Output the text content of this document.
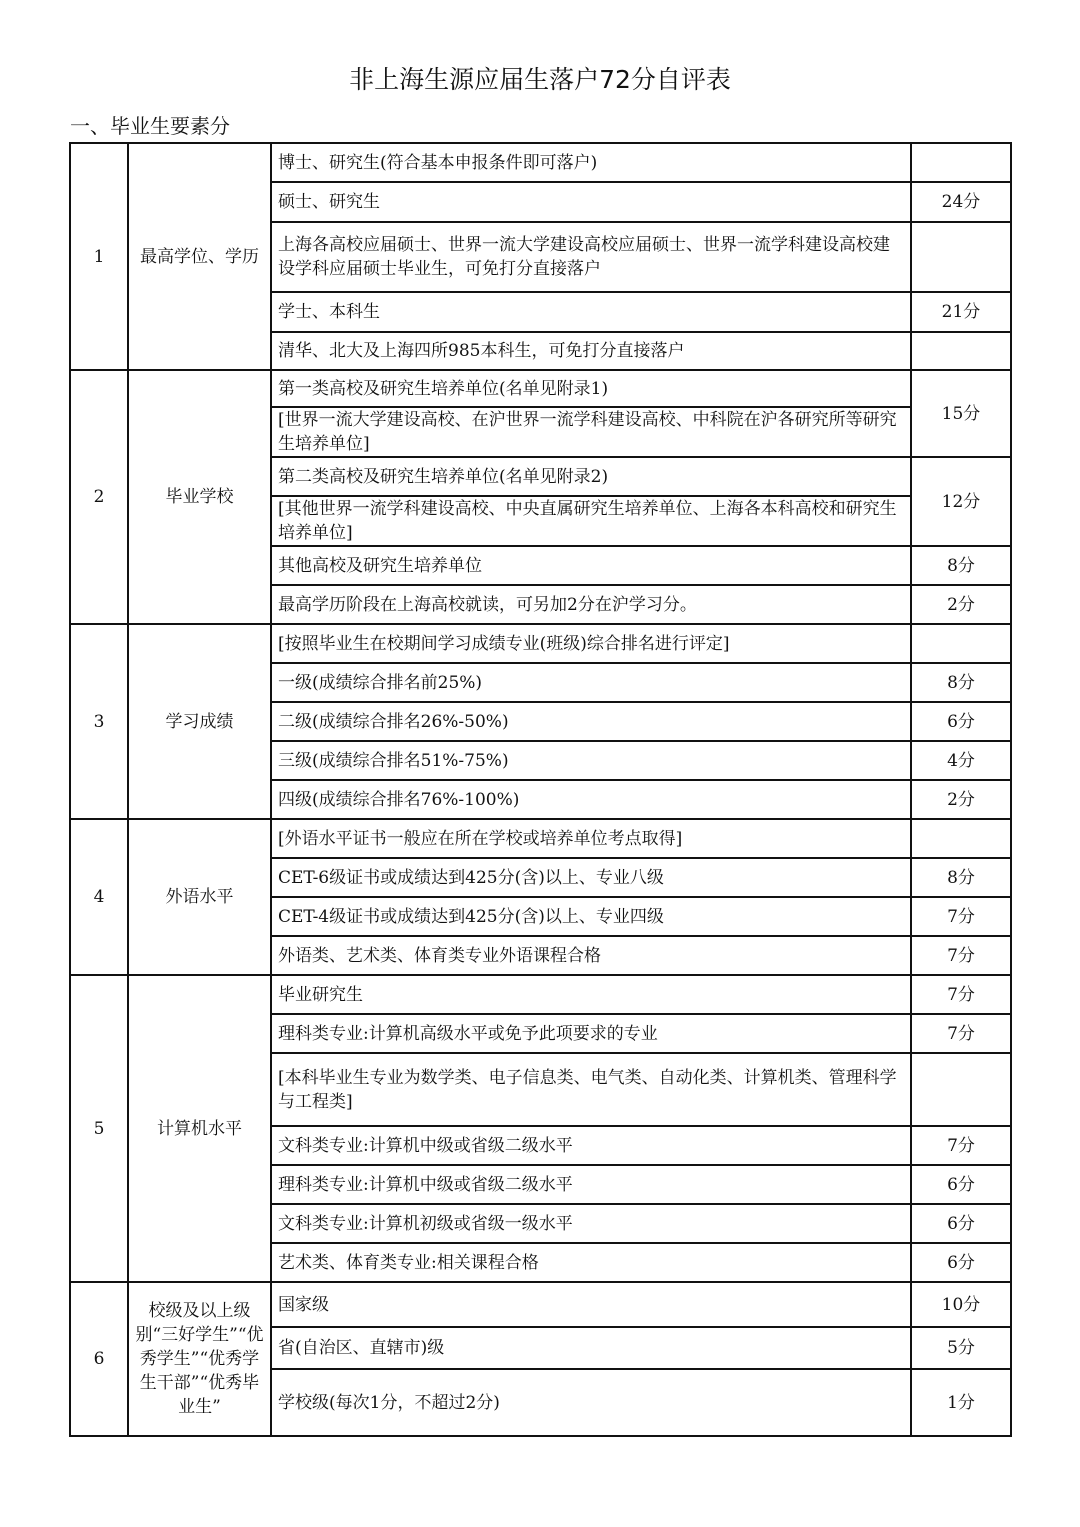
非上海生源应届生落户72分自评表
一、毕业生要素分
1	最高学位、学历	博士、研究生(符合基本申报条件即可落户)	
		硕士、研究生	24分
		上海各高校应届硕士、世界一流大学建设高校应届硕士、世界一流学科建设高校建设学科应届硕士毕业生，可免打分直接落户	
		学士、本科生	21分
		清华、北大及上海四所985本科生，可免打分直接落户	
2	毕业学校	第一类高校及研究生培养单位(名单见附录1)	15分
		[世界一流大学建设高校、在沪世界一流学科建设高校、中科院在沪各研究所等研究生培养单位]	
		第二类高校及研究生培养单位(名单见附录2)	12分
		[其他世界一流学科建设高校、中央直属研究生培养单位、上海各本科高校和研究生培养单位]	
		其他高校及研究生培养单位	8分
		最高学历阶段在上海高校就读，可另加2分在沪学习分。	2分
3	学习成绩	[按照毕业生在校期间学习成绩专业(班级)综合排名进行评定]	
		一级(成绩综合排名前25%)	8分
		二级(成绩综合排名26%-50%)	6分
		三级(成绩综合排名51%-75%)	4分
		四级(成绩综合排名76%-100%)	2分
4	外语水平	[外语水平证书一般应在所在学校或培养单位考点取得]	
		CET-6级证书或成绩达到425分(含)以上、专业八级	8分
		CET-4级证书或成绩达到425分(含)以上、专业四级	7分
		外语类、艺术类、体育类专业外语课程合格	7分
5	计算机水平	毕业研究生	7分
		理科类专业:计算机高级水平或免予此项要求的专业	7分
		[本科毕业生专业为数学类、电子信息类、电气类、自动化类、计算机类、管理科学与工程类]	
		文科类专业:计算机中级或省级二级水平	7分
		理科类专业:计算机中级或省级二级水平	6分
		文科类专业:计算机初级或省级一级水平	6分
		艺术类、体育类专业:相关课程合格	6分
6	校级及以上级别“三好学生”“优秀学生”“优秀学生干部”“优秀毕业生”	国家级	10分
		省(自治区、直辖市)级	5分
		学校级(每次1分，不超过2分)	1分
